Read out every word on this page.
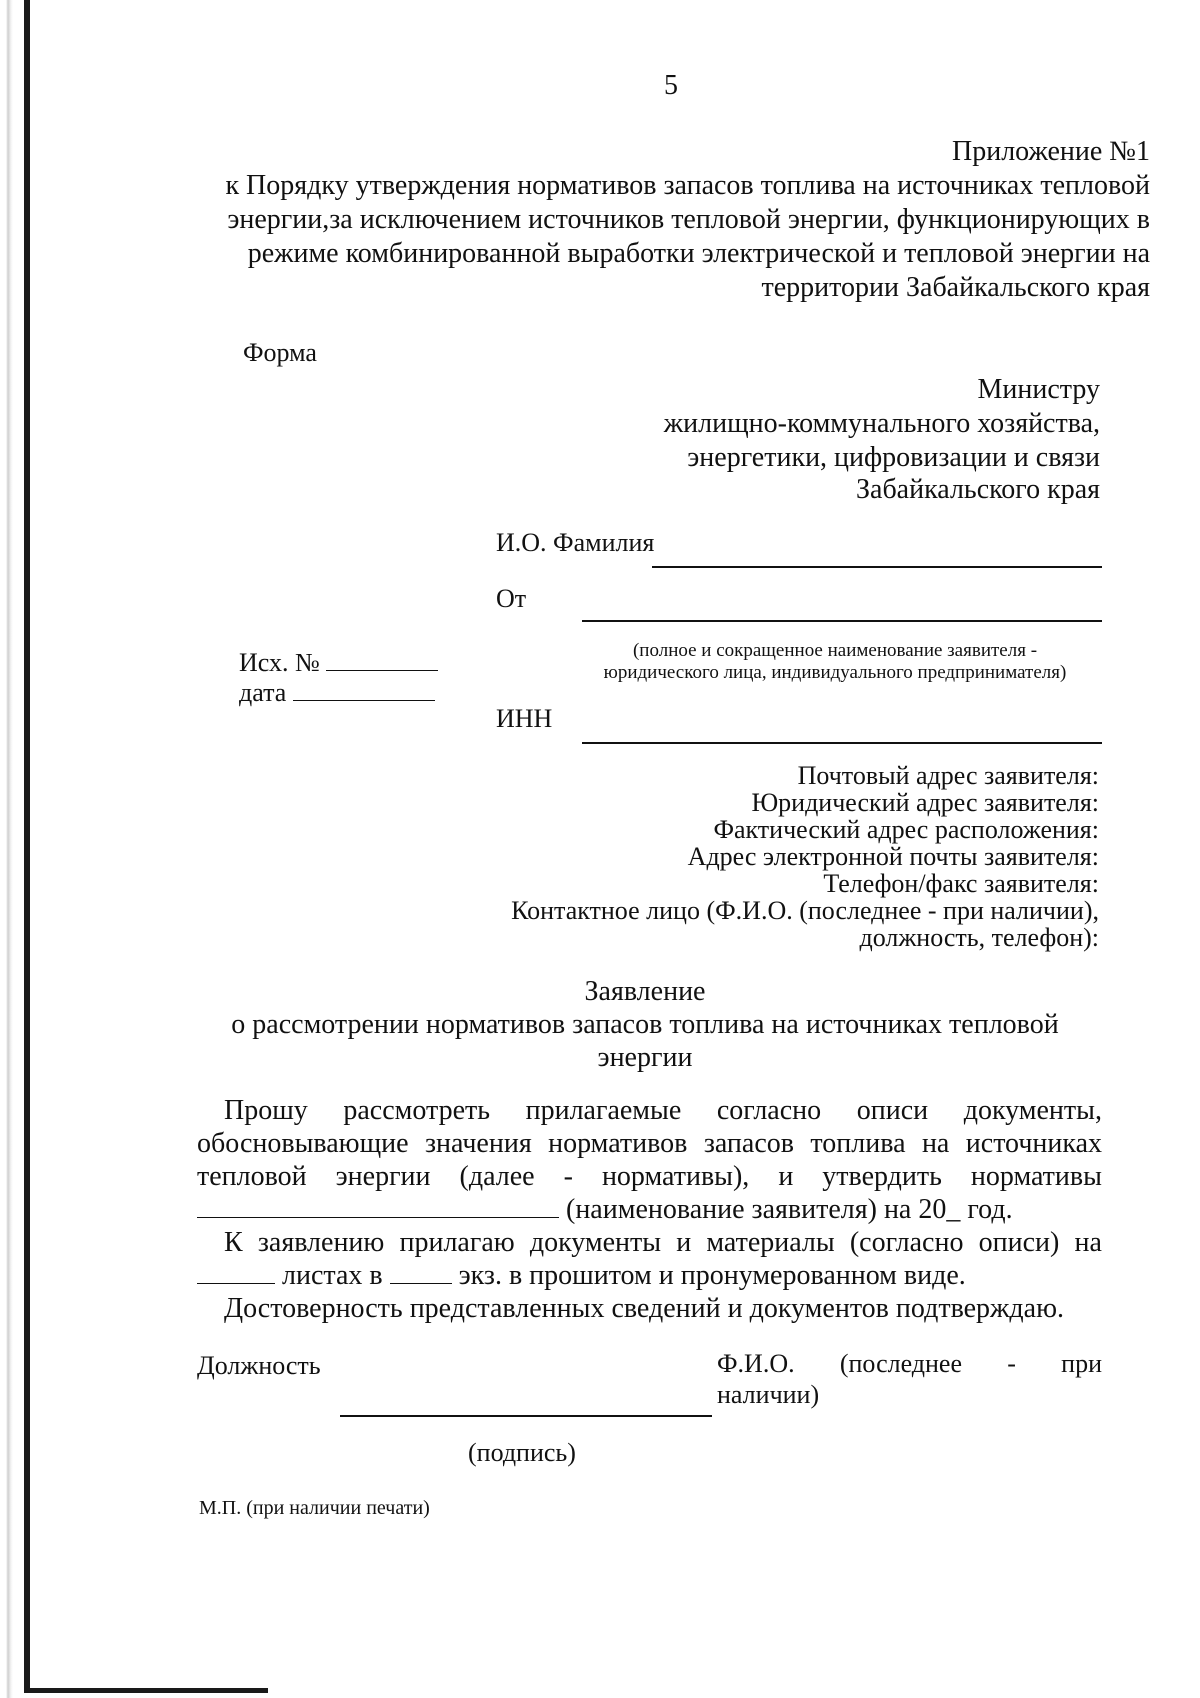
5
Приложение №1
к Порядку утверждения нормативов запасов топлива на источниках тепловой
энергии,за исключением источников тепловой энергии, функционирующих в
режиме комбинированной выработки электрической и тепловой энергии на
территории Забайкальского края
Форма
Министру
жилищно-коммунального хозяйства,
энергетики, цифровизации и связи
Забайкальского края
И.О. Фамилия
От
(полное и сокращенное наименование заявителя -
юридического лица, индивидуального предпринимателя)
Исх. №
дата
ИНН
Почтовый адрес заявителя:
Юридический адрес заявителя:
Фактический адрес расположения:
Адрес электронной почты заявителя:
Телефон/факс заявителя:
Контактное лицо (Ф.И.О. (последнее - при наличии),
должность, телефон):
Заявление
о рассмотрении нормативов запасов топлива на источниках тепловой
энергии
Прошу рассмотреть прилагаемые согласно описи документы,
обосновывающие значения нормативов запасов топлива на источниках
тепловой энергии (далее - нормативы), и утвердить нормативы
(наименование заявителя) на 20_ год.
К заявлению прилагаю документы и материалы (согласно описи) на
листах в	экз. в прошитом и пронумерованном виде.
Достоверность представленных сведений и документов подтверждаю.
Должность	Ф.И.О. (последнее - при
наличии)
(подпись)
М.П. (при наличии печати)
